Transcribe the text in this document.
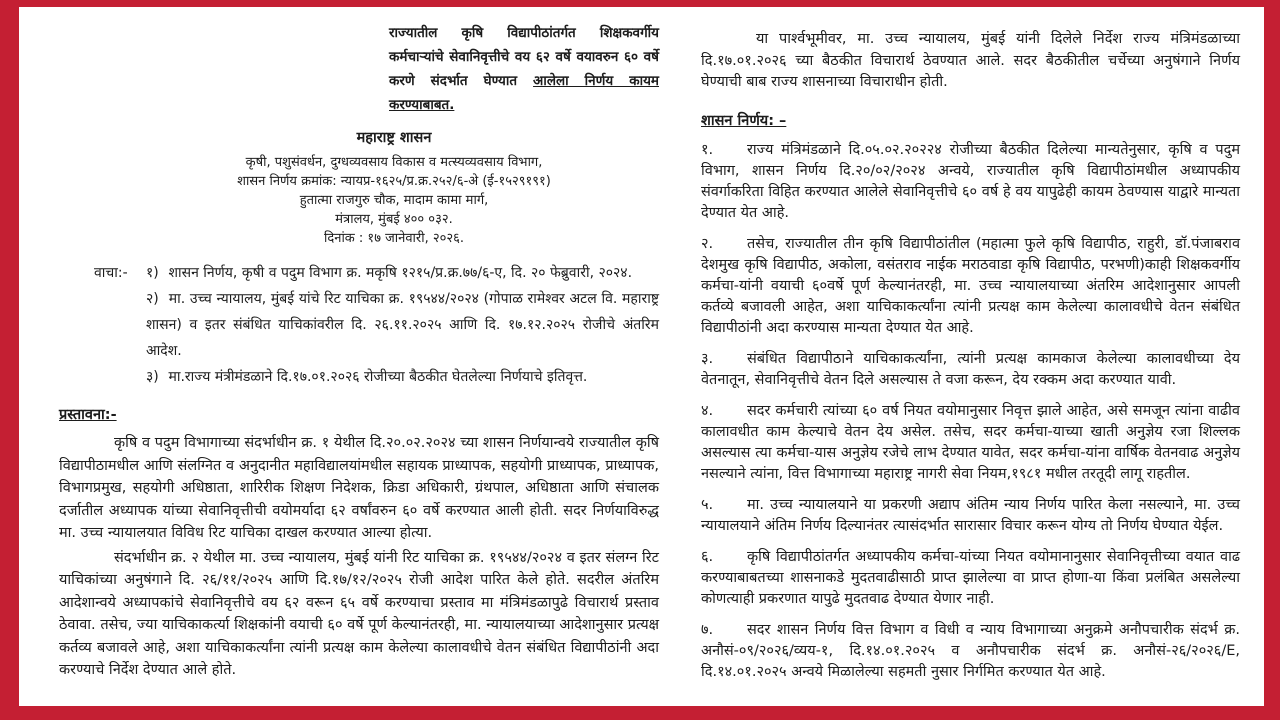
राज्यातील कृषि विद्यापीठांतर्गत शिक्षकवर्गीय कर्मचाऱ्यांचे सेवानिवृत्तीचे वय ६२ वर्षे वयावरुन ६० वर्षे करणे संदर्भात घेण्यात आलेला निर्णय कायम करण्याबाबत.
महाराष्ट्र शासन
कृषी, पशुसंवर्धन, दुग्धव्यवसाय विकास व मत्स्यव्यवसाय विभाग,
शासन निर्णय क्रमांक: न्यायप्र-१६२५/प्र.क्र.२५२/६-अे (ई-१५२९१९१)
हुतात्मा राजगुरु चौक, मादाम कामा मार्ग,
मंत्रालय, मुंबई ४०० ०३२.
दिनांक : १७ जानेवारी, २०२६.
वाचा:-	१) शासन निर्णय, कृषी व पदुम विभाग क्र. मकृषि १२१५/प्र.क्र.७७/६-ए, दि. २० फेब्रुवारी, २०२४.
२) मा. उच्च न्यायालय, मुंबई यांचे रिट याचिका क्र. १९५४४/२०२४ (गोपाळ रामेश्वर अटल वि. महाराष्ट्र शासन) व इतर संबंधित याचिकांवरील दि. २६.११.२०२५ आणि दि. १७.१२.२०२५ रोजीचे अंतरिम आदेश.
३) मा.राज्य मंत्रीमंडळाने दि.१७.०१.२०२६ रोजीच्या बैठकीत घेतलेल्या निर्णयाचे इतिवृत्त.
प्रस्तावना:-

कृषि व पदुम विभागाच्या संदर्भाधीन क्र. १ येथील दि.२०.०२.२०२४ च्या शासन निर्णयान्वये राज्यातील कृषि विद्यापीठामधील आणि संलग्नित व अनुदानीत महाविद्यालयांमधील सहायक प्राध्यापक, सहयोगी प्राध्यापक, प्राध्यापक, विभागप्रमुख, सहयोगी अधिष्ठाता, शारिरीक शिक्षण निदेशक, क्रिडा अधिकारी, ग्रंथपाल, अधिष्ठाता आणि संचालक दर्जातील अध्यापक यांच्या सेवानिवृत्तीची वयोमर्यादा ६२ वर्षांवरुन ६० वर्षे करण्यात आली होती. सदर निर्णयाविरुद्ध मा. उच्च न्यायालयात विविध रिट याचिका दाखल करण्यात आल्या होत्या.

संदर्भाधीन क्र. २ येथील मा. उच्च न्यायालय, मुंबई यांनी रिट याचिका क्र. १९५४४/२०२४ व इतर संलग्न रिट याचिकांच्या अनुषंगाने दि. २६/११/२०२५ आणि दि.१७/१२/२०२५ रोजी आदेश पारित केले होते. सदरील अंतरिम आदेशान्वये अध्यापकांचे सेवानिवृत्तीचे वय ६२ वरून ६५ वर्षे करण्याचा प्रस्ताव मा मंत्रिमंडळापुढे विचारार्थ प्रस्ताव ठेवावा. तसेच, ज्या याचिकाकर्त्या शिक्षकांनी वयाची ६० वर्षे पूर्ण केल्यानंतरही, मा. न्यायालयाच्या आदेशानुसार प्रत्यक्ष कर्तव्य बजावले आहे, अशा याचिकाकर्त्यांना त्यांनी प्रत्यक्ष काम केलेल्या कालावधीचे वेतन संबंधित विद्यापीठांनी अदा करण्याचे निर्देश देण्यात आले होते.

या पार्श्वभूमीवर, मा. उच्च न्यायालय, मुंबई यांनी दिलेले निर्देश राज्य मंत्रिमंडळाच्या दि.१७.०१.२०२६ च्या बैठकीत विचारार्थ ठेवण्यात आले. सदर बैठकीतील चर्चेच्या अनुषंगाने निर्णय घेण्याची बाब राज्य शासनाच्या विचाराधीन होती.

शासन निर्णय: –
१. राज्य मंत्रिमंडळाने दि.०५.०२.२०२२४ रोजीच्या बैठकीत दिलेल्या मान्यतेनुसार, कृषि व पदुम विभाग, शासन निर्णय दि.२०/०२/२०२४ अन्वये, राज्यातील कृषि विद्यापीठांमधील अध्यापकीय संवर्गाकरिता विहित करण्यात आलेले सेवानिवृत्तीचे ६० वर्ष हे वय यापुढेही कायम ठेवण्यास याद्वारे मान्यता देण्यात येत आहे.
२. तसेच, राज्यातील तीन कृषि विद्यापीठांतील (महात्मा फुले कृषि विद्यापीठ, राहुरी, डॉ.पंजाबराव देशमुख कृषि विद्यापीठ, अकोला, वसंतराव नाईक मराठवाडा कृषि विद्यापीठ, परभणी)काही शिक्षकवर्गीय कर्मचा-यांनी वयाची ६०वर्षे पूर्ण केल्यानंतरही, मा. उच्च न्यायालयाच्या अंतरिम आदेशानुसार आपली कर्तव्ये बजावली आहेत, अशा याचिकाकर्त्यांना त्यांनी प्रत्यक्ष काम केलेल्या कालावधीचे वेतन संबंधित विद्यापीठांनी अदा करण्यास मान्यता देण्यात येत आहे.
३. संबंधित विद्यापीठाने याचिकाकर्त्यांना, त्यांनी प्रत्यक्ष कामकाज केलेल्या कालावधीच्या देय वेतनातून, सेवानिवृत्तीचे वेतन दिले असल्यास ते वजा करून, देय रक्कम अदा करण्यात यावी.
४. सदर कर्मचारी त्यांच्या ६० वर्ष नियत वयोमानुसार निवृत्त झाले आहेत, असे समजून त्यांना वाढीव कालावधीत काम केल्याचे वेतन देय असेल. तसेच, सदर कर्मचा-याच्या खाती अनुज्ञेय रजा शिल्लक असल्यास त्या कर्मचा-यास अनुज्ञेय रजेचे लाभ देण्यात यावेत, सदर कर्मचा-यांना वार्षिक वेतनवाढ अनुज्ञेय नसल्याने त्यांना, वित्त विभागाच्या महाराष्ट्र नागरी सेवा नियम,१९८१ मधील तरतूदी लागू राहतील.
५. मा. उच्च न्यायालयाने या प्रकरणी अद्याप अंतिम न्याय निर्णय पारित केला नसल्याने, मा. उच्च न्यायालयाने अंतिम निर्णय दिल्यानंतर त्यासंदर्भात सारासार विचार करून योग्य तो निर्णय घेण्यात येईल.
६. कृषि विद्यापीठांतर्गत अध्यापकीय कर्मचा-यांच्या नियत वयोमानानुसार सेवानिवृत्तीच्या वयात वाढ करण्याबाबतच्या शासनाकडे मुदतवाढीसाठी प्राप्त झालेल्या वा प्राप्त होणा-या किंवा प्रलंबित असलेल्या कोणत्याही प्रकरणात यापुढे मुदतवाढ देण्यात येणार नाही.
७. सदर शासन निर्णय वित्त विभाग व विधी व न्याय विभागाच्या अनुक्रमे अनौपचारीक संदर्भ क्र. अनौसं-०९/२०२६/व्यय-१, दि.१४.०१.२०२५ व अनौपचारीक संदर्भ क्र. अनौसं-२६/२०२६/E, दि.१४.०१.२०२५ अन्वये मिळालेल्या सहमती नुसार निर्गमित करण्यात येत आहे.
